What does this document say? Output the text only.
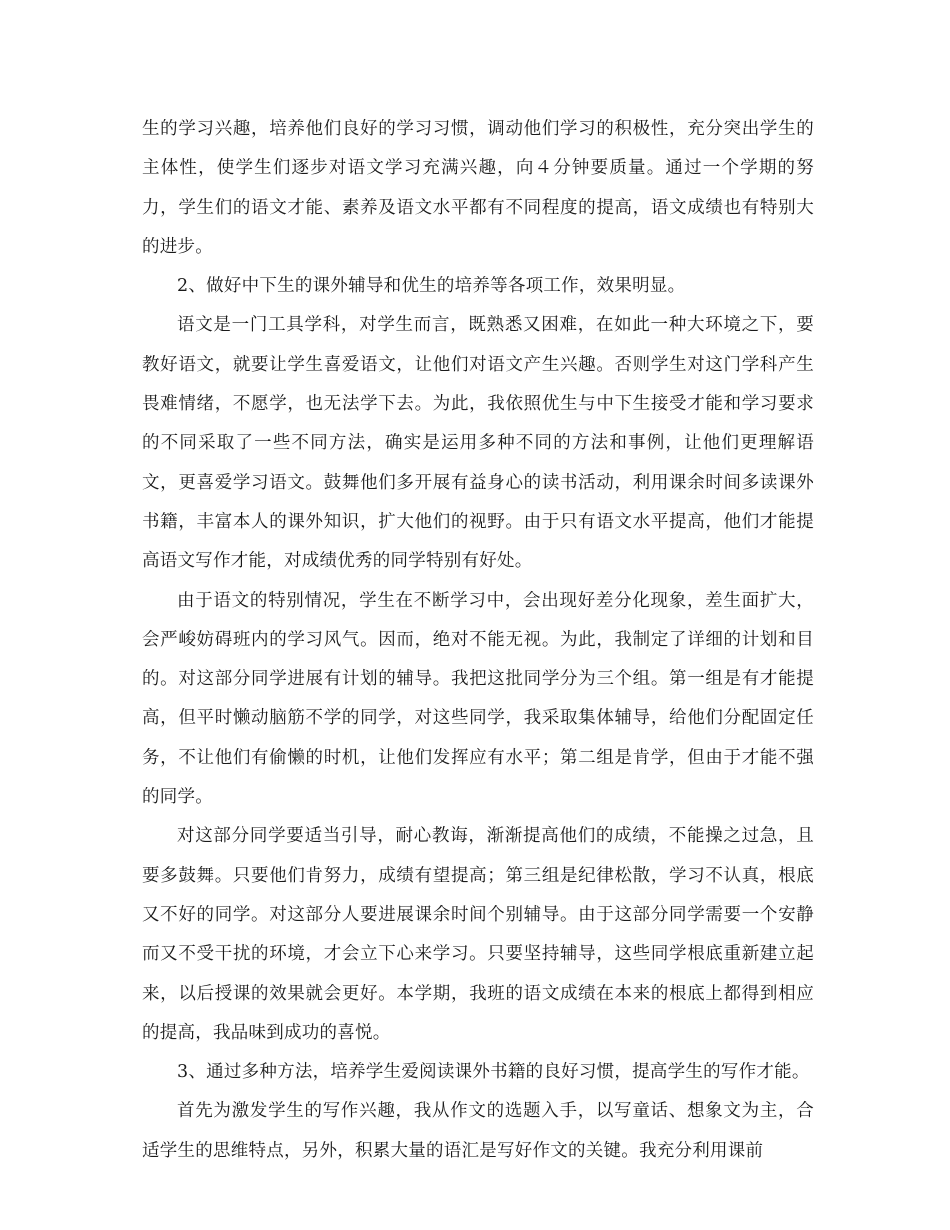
生的学习兴趣，培养他们良好的学习习惯，调动他们学习的积极性，充分突出学生的主体性，使学生们逐步对语文学习充满兴趣，向４分钟要质量。通过一个学期的努力，学生们的语文才能、素养及语文水平都有不同程度的提高，语文成绩也有特别大的进步。

2、做好中下生的课外辅导和优生的培养等各项工作，效果明显。

语文是一门工具学科，对学生而言，既熟悉又困难，在如此一种大环境之下，要教好语文，就要让学生喜爱语文，让他们对语文产生兴趣。否则学生对这门学科产生畏难情绪，不愿学，也无法学下去。为此，我依照优生与中下生接受才能和学习要求的不同采取了一些不同方法，确实是运用多种不同的方法和事例，让他们更理解语文，更喜爱学习语文。鼓舞他们多开展有益身心的读书活动，利用课余时间多读课外书籍，丰富本人的课外知识，扩大他们的视野。由于只有语文水平提高，他们才能提高语文写作才能，对成绩优秀的同学特别有好处。

由于语文的特别情况，学生在不断学习中，会出现好差分化现象，差生面扩大，会严峻妨碍班内的学习风气。因而，绝对不能无视。为此，我制定了详细的计划和目的。对这部分同学进展有计划的辅导。我把这批同学分为三个组。第一组是有才能提高，但平时懒动脑筋不学的同学，对这些同学，我采取集体辅导，给他们分配固定任务，不让他们有偷懒的时机，让他们发挥应有水平；第二组是肯学，但由于才能不强的同学。

对这部分同学要适当引导，耐心教诲，渐渐提高他们的成绩，不能操之过急，且要多鼓舞。只要他们肯努力，成绩有望提高；第三组是纪律松散，学习不认真，根底又不好的同学。对这部分人要进展课余时间个别辅导。由于这部分同学需要一个安静而又不受干扰的环境，才会立下心来学习。只要坚持辅导，这些同学根底重新建立起来，以后授课的效果就会更好。本学期，我班的语文成绩在本来的根底上都得到相应的提高，我品味到成功的喜悦。

3、通过多种方法，培养学生爱阅读课外书籍的良好习惯，提高学生的写作才能。

首先为激发学生的写作兴趣，我从作文的选题入手，以写童话、想象文为主，合适学生的思维特点，另外，积累大量的语汇是写好作文的关键。我充分利用课前
